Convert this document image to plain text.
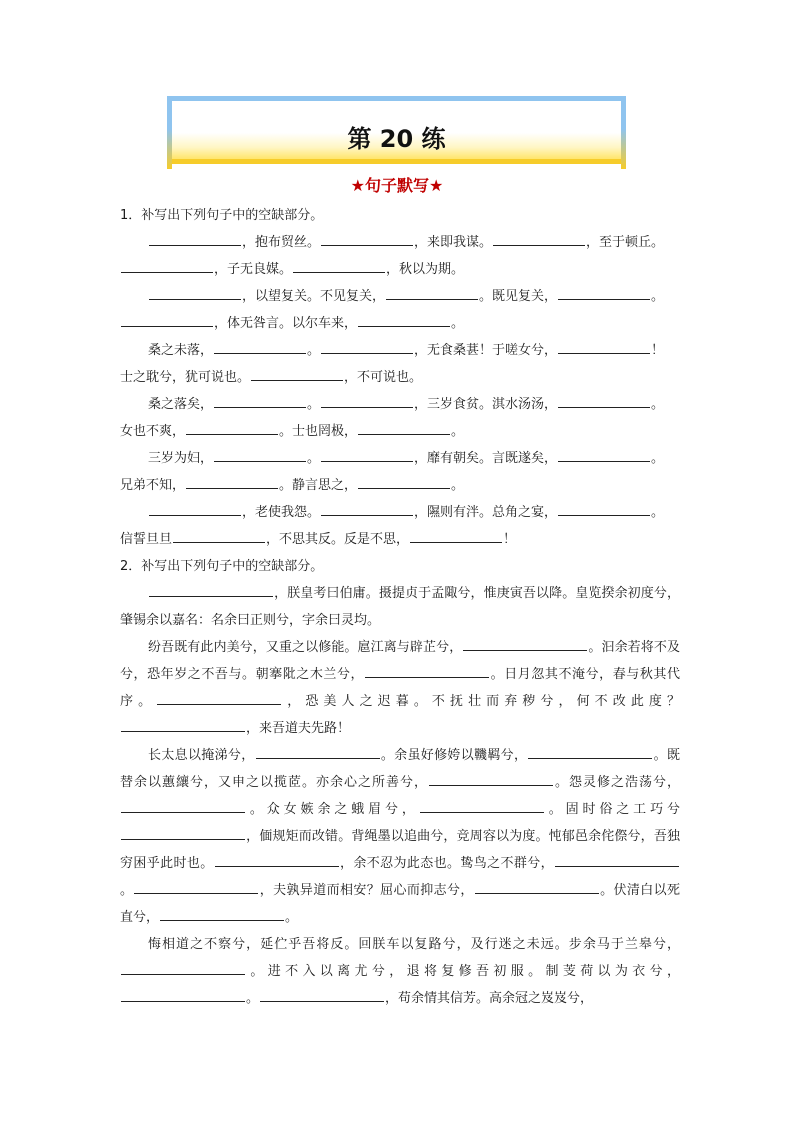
第 20 练
★句子默写★

1．补写出下列句子中的空缺部分。

，抱布贸丝。	，来即我谋。	，至于顿丘。

，子无良媒。	，秋以为期。

，以望复关。不见复关，	。既见复关，	。

，体无咎言。以尔车来，	。

桑之未落，	。	，无食桑葚！于嗟女兮，	！

士之耽兮，犹可说也。	，不可说也。

桑之落矣，	。	，三岁食贫。淇水汤汤，	。

女也不爽，	。士也罔极，	。

三岁为妇，	。	，靡有朝矣。言既遂矣，	。

兄弟不知，	。静言思之，	。

，老使我怨。	，隰则有泮。总角之宴，	。

信誓旦旦	，不思其反。反是不思，	！

2．补写出下列句子中的空缺部分。

，朕皇考曰伯庸。摄提贞于孟陬兮，惟庚寅吾以降。皇览揆余初度兮，肇锡余以嘉名：名余曰正则兮，字余曰灵均。

纷吾既有此内美兮，又重之以修能。扈江离与辟芷兮，	。汩余若将不及兮，恐年岁之不吾与。朝搴阰之木兰兮，	。日月忽其不淹兮，春与秋其代序。	，恐美人之迟暮。不抚壮而弃秽兮，何不改此度？，来吾道夫先路！

长太息以掩涕兮，	。余虽好修姱以鞿羁兮，	。既替余以蕙纕兮，又申之以揽茝。亦余心之所善兮，	。怨灵修之浩荡兮，。众女嫉余之蛾眉兮，	。固时俗之工巧兮，偭规矩而改错。背绳墨以追曲兮，竞周容以为度。忳郁邑余侘傺兮，吾独穷困乎此时也。	，余不忍为此态也。鸷鸟之不群兮，。	，夫孰异道而相安？屈心而抑志兮，	。伏清白以死直兮，	。

悔相道之不察兮，延伫乎吾将反。回朕车以复路兮，及行迷之未远。步余马于兰皋兮，。进不入以离尤兮，退将复修吾初服。制芰荷以为衣兮，。	，苟余情其信芳。高余冠之岌岌兮，
